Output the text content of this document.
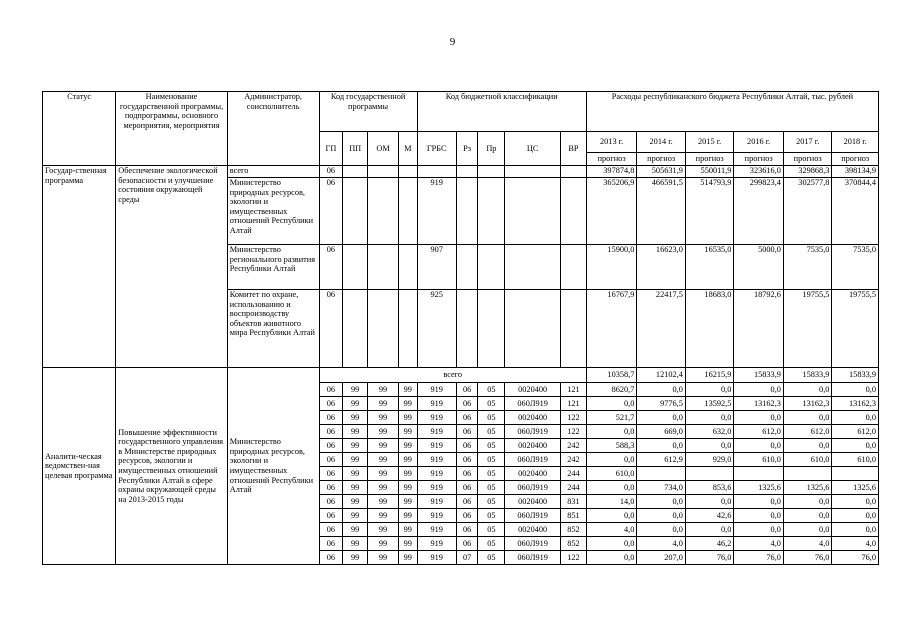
9
Статус	Наименование государственной программы, подпрограммы, основного мероприятия, мероприятия	Администратор, соисполнитель	Код государственной программы				Код бюджетной классификации					Расходы республиканского бюджета Республики Алтай, тыс. рублей					
			ГП	ПП	ОМ	М	ГРБС	Рз	Пр	ЦС	ВР	2013 г.	2014 г.	2015 г.	2016 г.	2017 г.	2018 г.
												прогноз	прогноз	прогноз	прогноз	прогноз	прогноз
Государ-ственная программа	Обеспечение экологической безопасности и улучшение состояния окружающей среды	всего	06									397874,8	505631,9	550011,9	323616,0	329868,3	398134,9
		Министерство природных ресурсов, экологии и имущественных отношений Республики Алтай	06				919					365206,9	466591,5	514793,9	299823,4	302577,8	370844,4
		Министерство регионального развития Республики Алтай	06				907					15900,0	16623,0	16535,0	5000,0	7535,0	7535,0
		Комитет по охране, использованию и воспроизводству объектов животного мира Республики Алтай	06				925					16767,9	22417,5	18683,0	18792,6	19755,5	19755,5
Аналити-ческая ведомствен-ная целевая программа	Повышение эффективности государственного управления в Министерстве природных ресурсов, экологии и имущественных отношений Республики Алтай в сфере охраны окружающей среды на 2013-2015 годы	Министерство природных ресурсов, экологии и имущественных отношений Республики Алтай	всего									10358,7	12102,4	16215,9	15833,9	15833,9	15833,9
			06	99	99	99	919	06	05	0020400	121	8620,7	0,0	0,0	0,0	0,0	0,0
			06	99	99	99	919	06	05	060Л919	121	0,0	9776,5	13592,5	13162,3	13162,3	13162,3
			06	99	99	99	919	06	05	0020400	122	521,7	0,0	0,0	0,0	0,0	0,0
			06	99	99	99	919	06	05	060Л919	122	0,0	669,0	632,0	612,0	612,0	612,0
			06	99	99	99	919	06	05	0020400	242	588,3	0,0	0,0	0,0	0,0	0,0
			06	99	99	99	919	06	05	060Л919	242	0,0	612,9	929,0	610,0	610,0	610,0
			06	99	99	99	919	06	05	0020400	244	610,0					
			06	99	99	99	919	06	05	060Л919	244	0,0	734,0	853,6	1325,6	1325,6	1325,6
			06	99	99	99	919	06	05	0020400	831	14,0	0,0	0,0	0,0	0,0	0,0
			06	99	99	99	919	06	05	060Л919	851	0,0	0,0	42,6	0,0	0,0	0,0
			06	99	99	99	919	06	05	0020400	852	4,0	0,0	0,0	0,0	0,0	0,0
			06	99	99	99	919	06	05	060Л919	852	0,0	4,0	46,2	4,0	4,0	4,0
			06	99	99	99	919	07	05	060Л919	122	0,0	207,0	76,0	76,0	76,0	76,0
